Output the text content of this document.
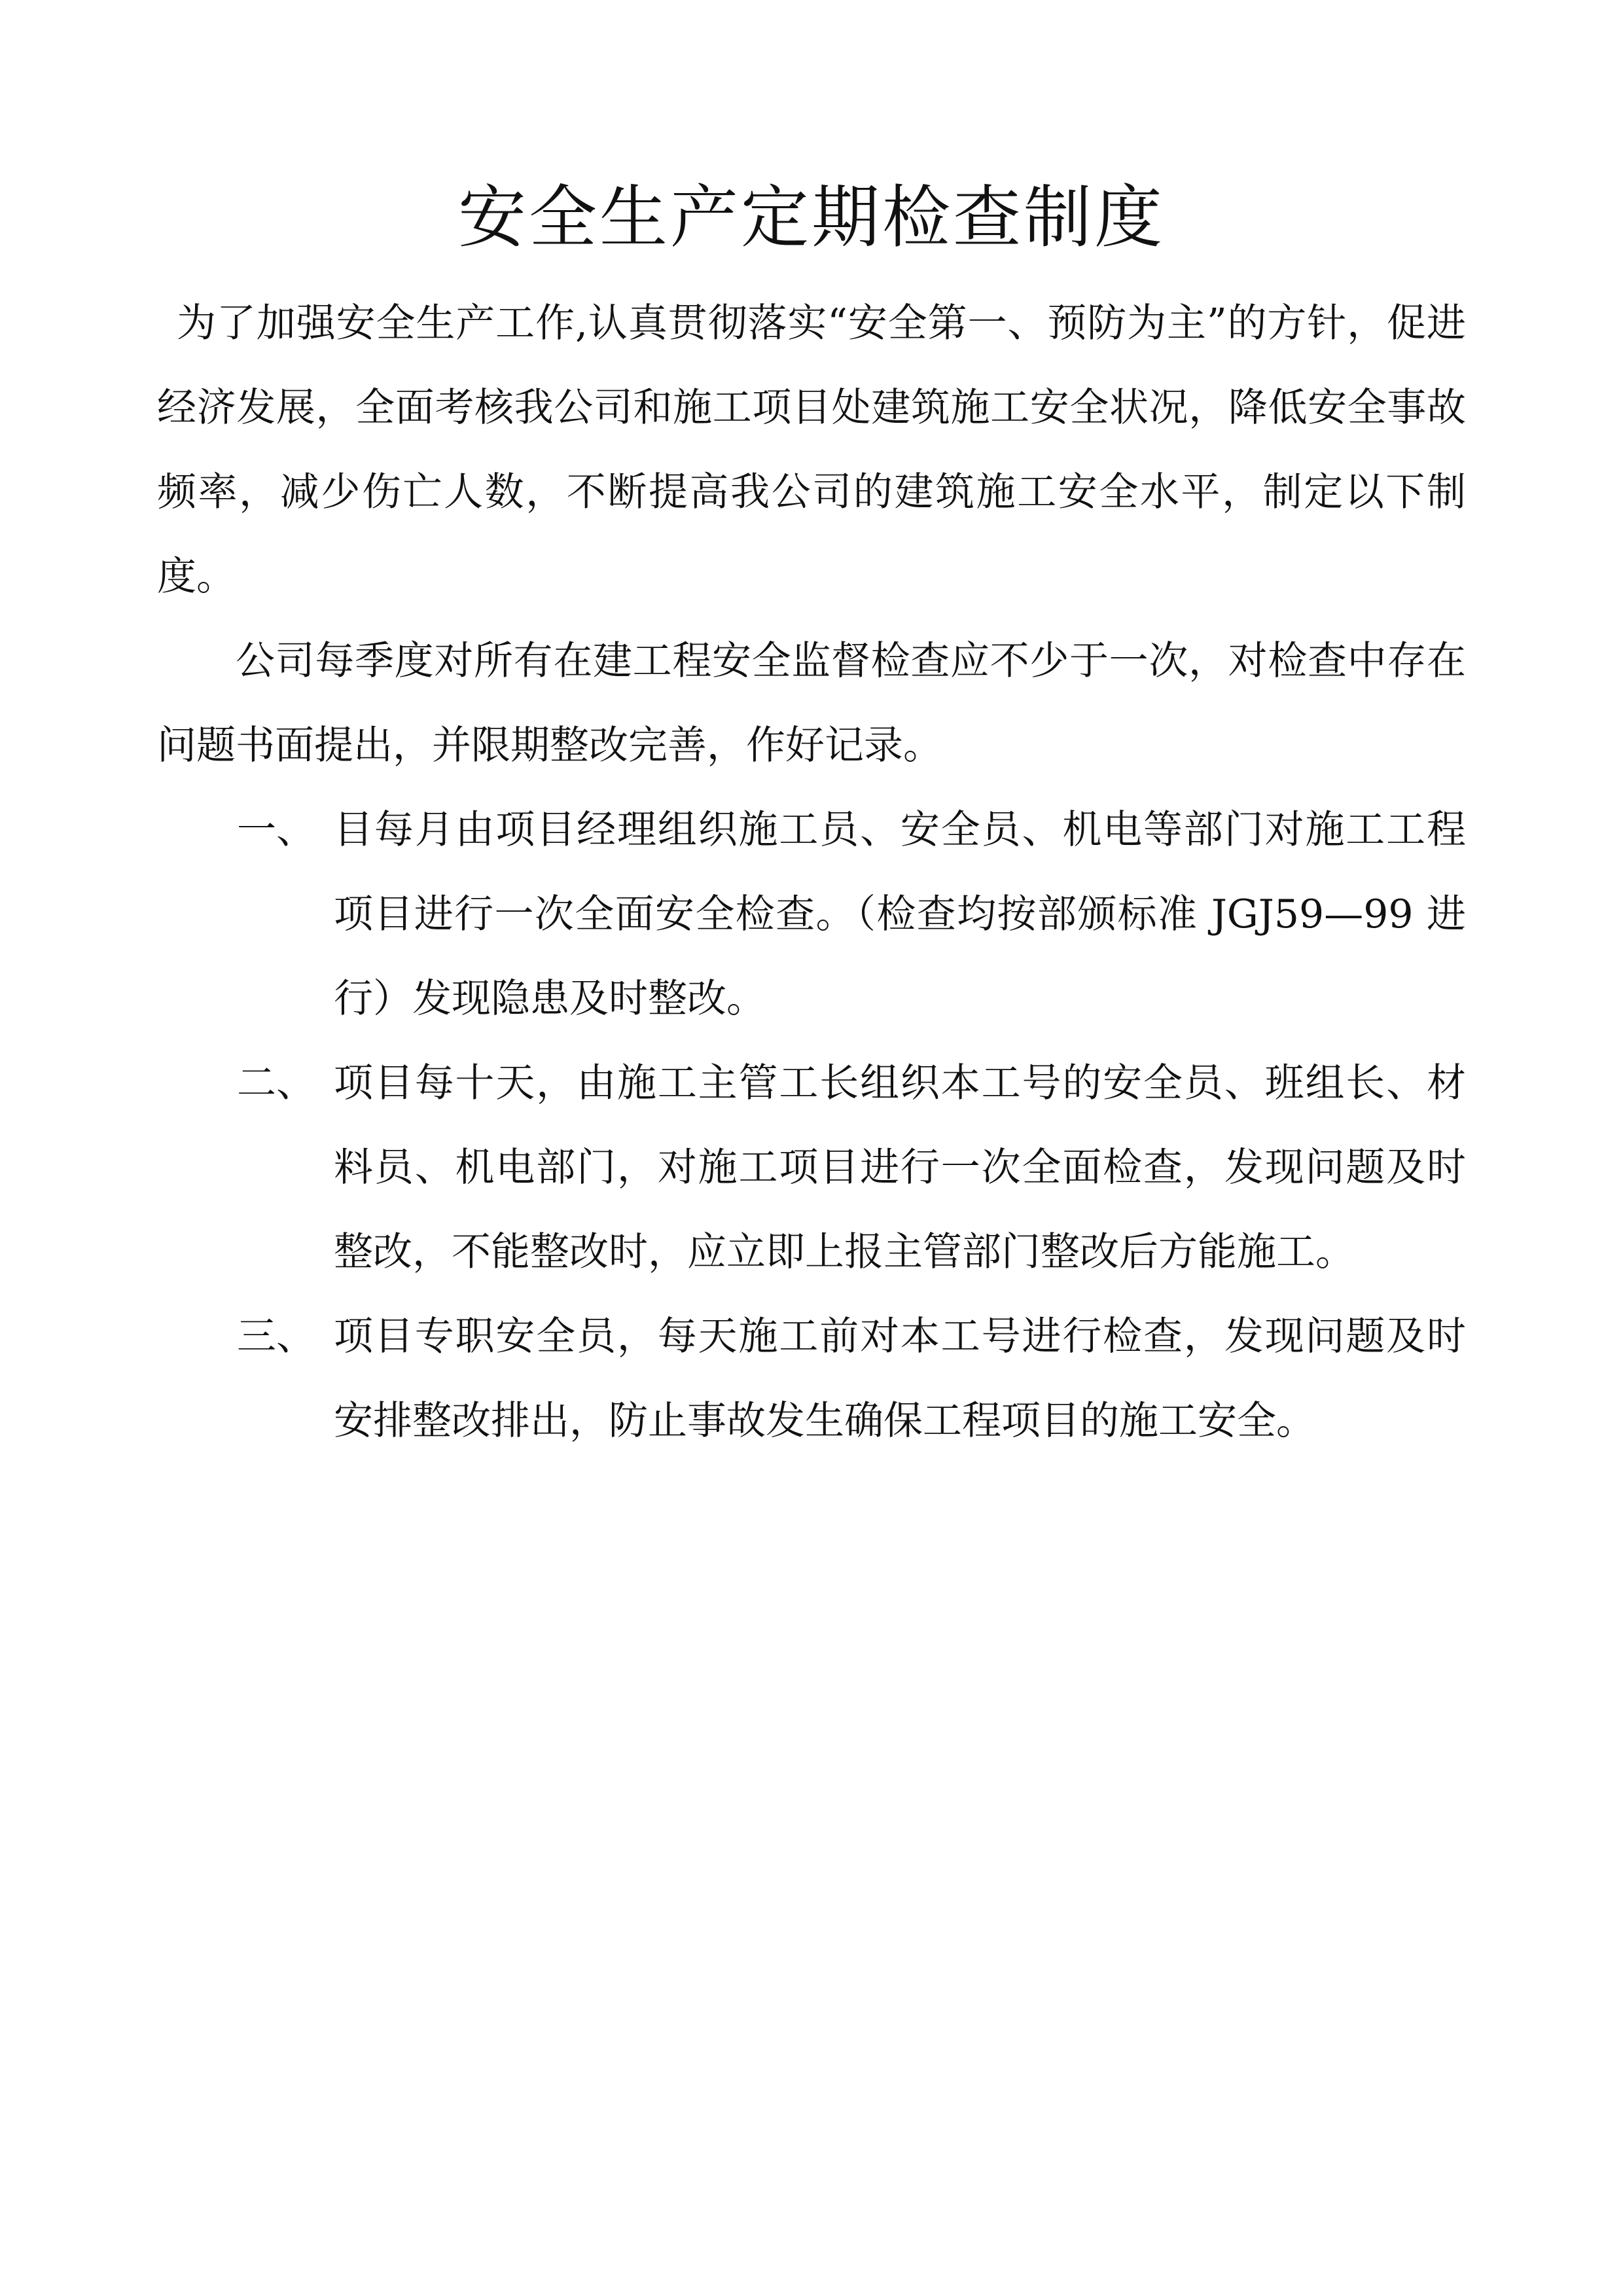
安全生产定期检查制度

为了加强安全生产工作,认真贯彻落实“安全第一、预防为主”的方针，促进经济发展，全面考核我公司和施工项目处建筑施工安全状况，降低安全事故频率，减少伤亡人数，不断提高我公司的建筑施工安全水平，制定以下制度。

公司每季度对所有在建工程安全监督检查应不少于一次，对检查中存在问题书面提出，并限期整改完善，作好记录。

一、 目每月由项目经理组织施工员、安全员、机电等部门对施工工程项目进行一次全面安全检查。（检查均按部颁标准 JGJ59—99 进行）发现隐患及时整改。
二、 项目每十天，由施工主管工长组织本工号的安全员、班组长、材料员、机电部门，对施工项目进行一次全面检查，发现问题及时整改，不能整改时，应立即上报主管部门整改后方能施工。
三、 项目专职安全员，每天施工前对本工号进行检查，发现问题及时安排整改排出，防止事故发生确保工程项目的施工安全。
